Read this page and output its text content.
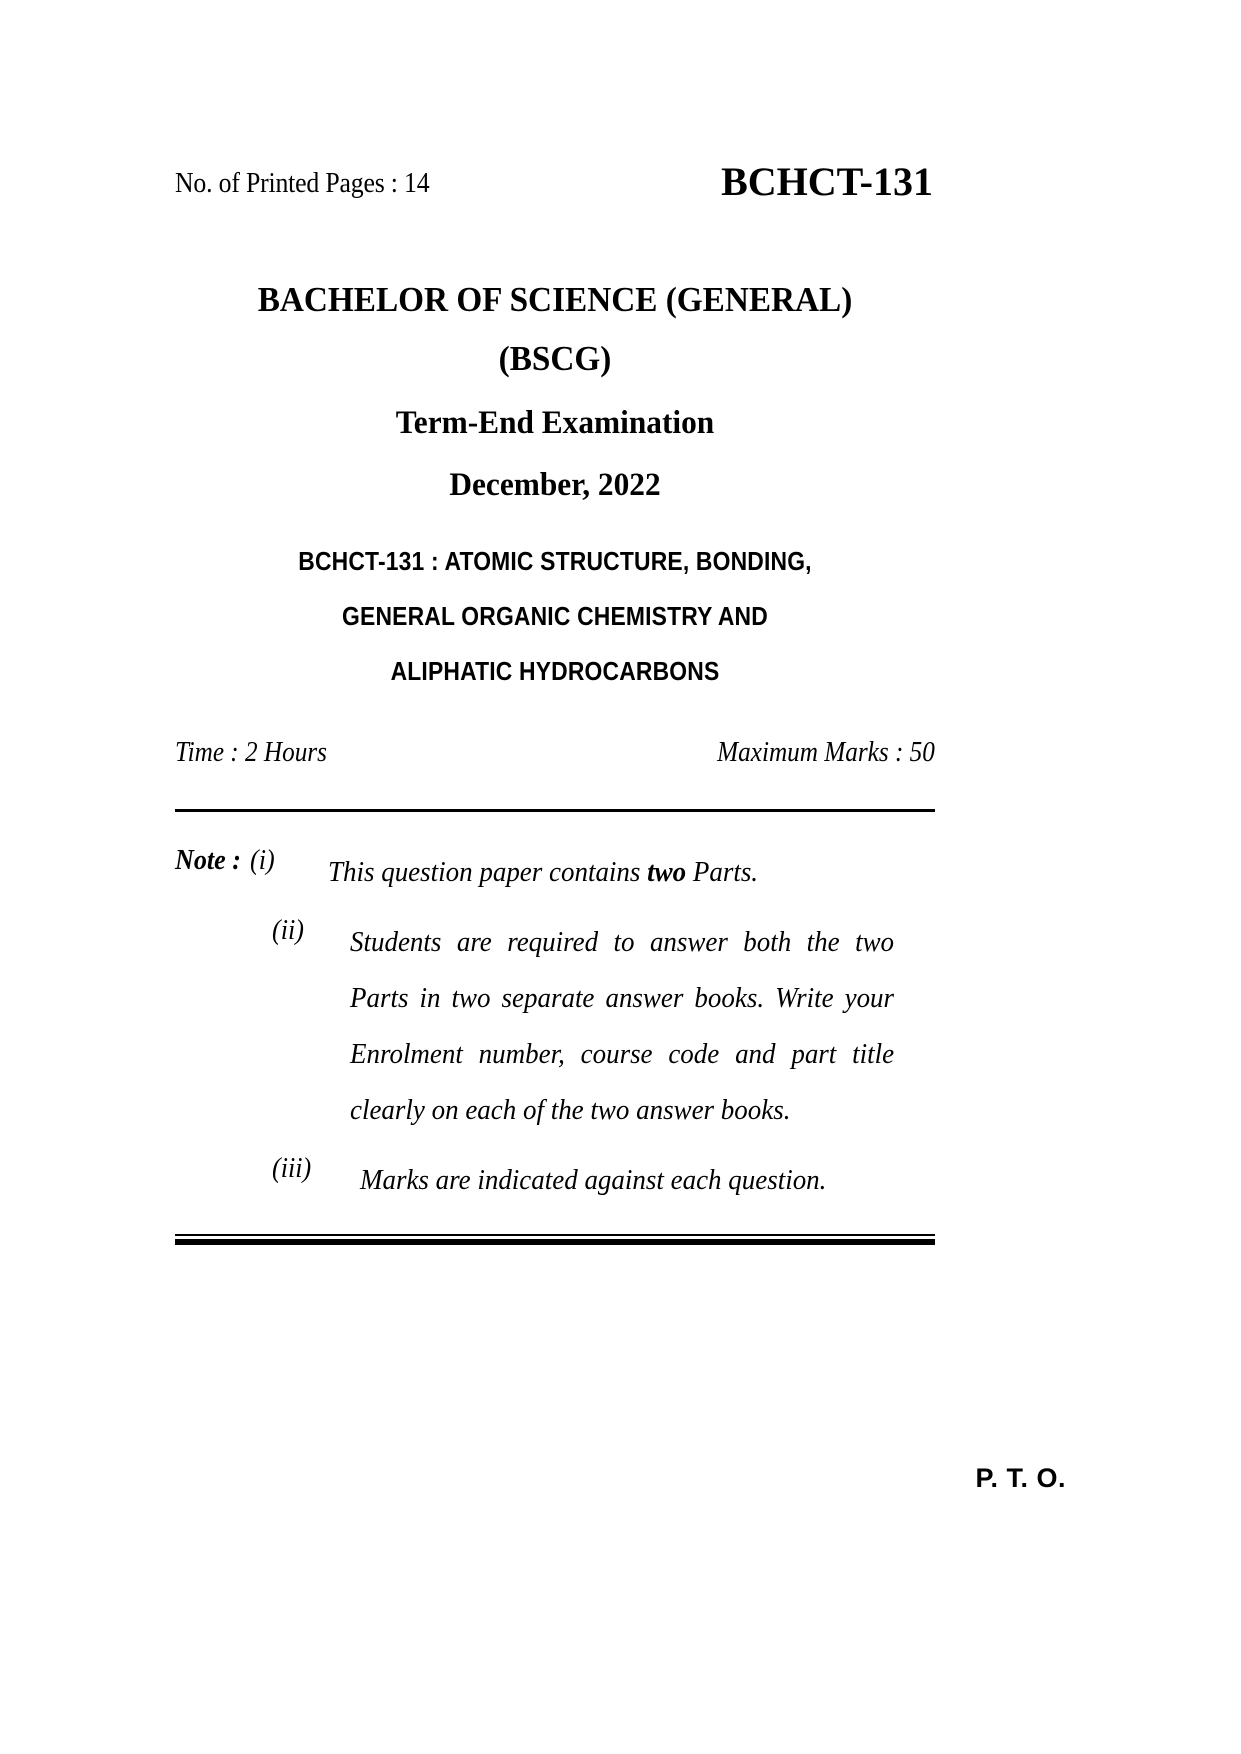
No. of Printed Pages : 14	BCHCT-131
BACHELOR OF SCIENCE (GENERAL)
(BSCG)
Term-End Examination
December, 2022
BCHCT-131 : ATOMIC STRUCTURE, BONDING,
GENERAL ORGANIC CHEMISTRY AND
ALIPHATIC HYDROCARBONS
Time : 2 Hours	Maximum Marks : 50
Note : (i)	This question paper contains two Parts.
(ii)	Students are required to answer both the two Parts in two separate answer books. Write your Enrolment number, course code and part title clearly on each of the two answer books.
(iii)	Marks are indicated against each question.
P. T. O.
